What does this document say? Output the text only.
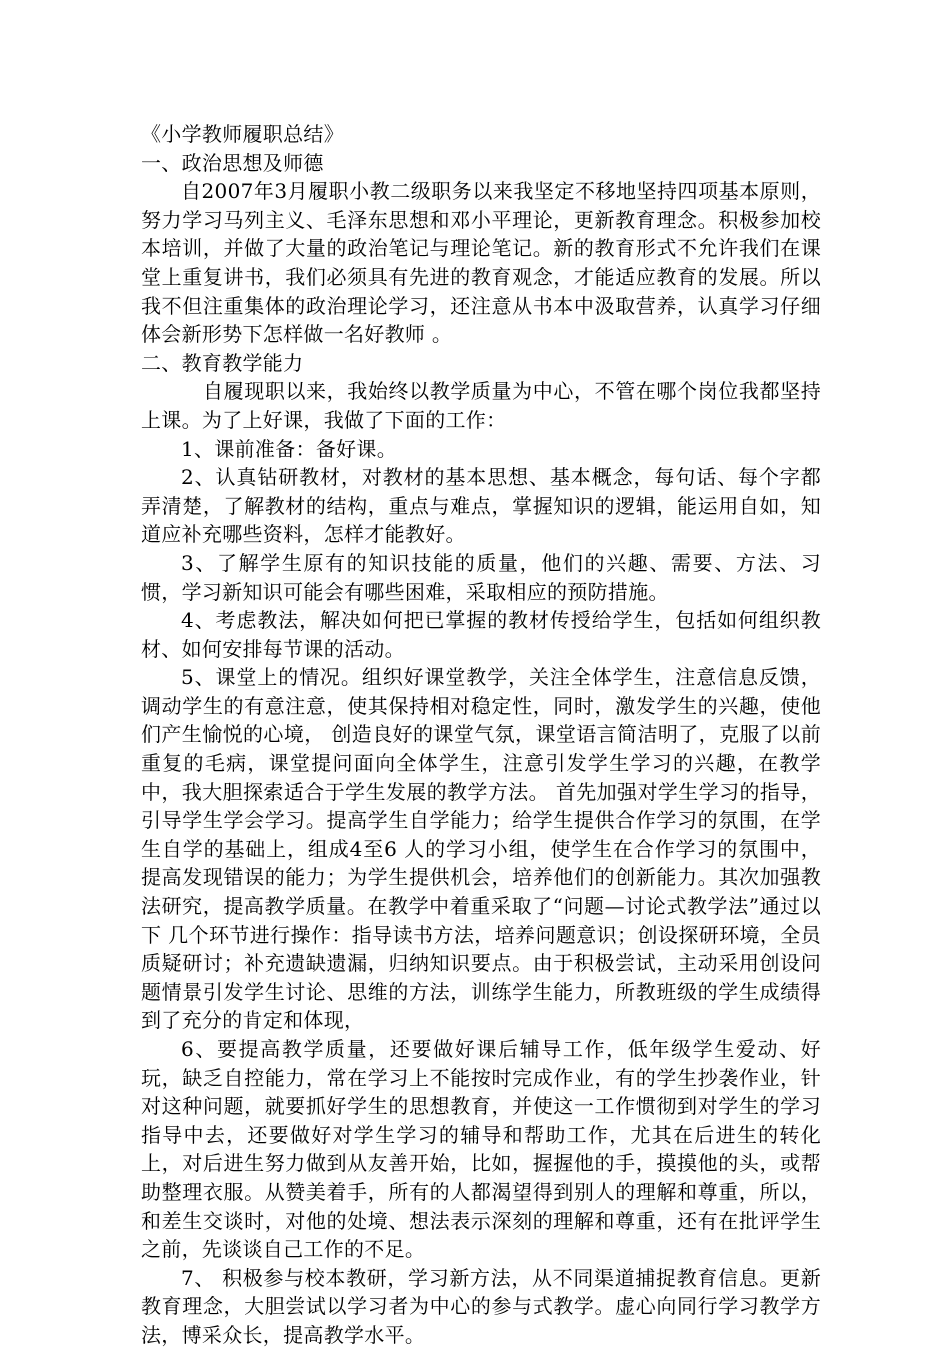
《小学教师履职总结》

一、政治思想及师德

自2007年3月履职小教二级职务以来我坚定不移地坚持四项基本原则，努力学习马列主义、毛泽东思想和邓小平理论，更新教育理念。积极参加校本培训，并做了大量的政治笔记与理论笔记。新的教育形式不允许我们在课堂上重复讲书，我们必须具有先进的教育观念，才能适应教育的发展。所以我不但注重集体的政治理论学习，还注意从书本中汲取营养，认真学习仔细体会新形势下怎样做一名好教师 。

二、教育教学能力

自履现职以来，我始终以教学质量为中心，不管在哪个岗位我都坚持上课。为了上好课，我做了下面的工作：

1、课前准备：备好课。

2、认真钻研教材，对教材的基本思想、基本概念，每句话、每个字都弄清楚，了解教材的结构，重点与难点，掌握知识的逻辑，能运用自如，知道应补充哪些资料，怎样才能教好。

3、了解学生原有的知识技能的质量，他们的兴趣、需要、方法、习惯，学习新知识可能会有哪些困难，采取相应的预防措施。

4、考虑教法，解决如何把已掌握的教材传授给学生，包括如何组织教材、如何安排每节课的活动。

5、课堂上的情况。组织好课堂教学，关注全体学生，注意信息反馈，调动学生的有意注意，使其保持相对稳定性，同时，激发学生的兴趣，使他们产生愉悦的心境， 创造良好的课堂气氛，课堂语言简洁明了，克服了以前重复的毛病，课堂提问面向全体学生，注意引发学生学习的兴趣，在教学中，我大胆探索适合于学生发展的教学方法。 首先加强对学生学习的指导，引导学生学会学习。提高学生自学能力；给学生提供合作学习的氛围，在学生自学的基础上，组成4至6 人的学习小组，使学生在合作学习的氛围中，提高发现错误的能力；为学生提供机会，培养他们的创新能力。其次加强教法研究，提高教学质量。在教学中着重采取了“问题—讨论式教学法”通过以下 几个环节进行操作：指导读书方法，培养问题意识；创设探研环境，全员质疑研讨；补充遗缺遗漏，归纳知识要点。由于积极尝试，主动采用创设问题情景引发学生讨论、思维的方法，训练学生能力，所教班级的学生成绩得到了充分的肯定和体现，

6、要提高教学质量，还要做好课后辅导工作，低年级学生爱动、好玩，缺乏自控能力，常在学习上不能按时完成作业，有的学生抄袭作业，针对这种问题，就要抓好学生的思想教育，并使这一工作惯彻到对学生的学习指导中去，还要做好对学生学习的辅导和帮助工作，尤其在后进生的转化上，对后进生努力做到从友善开始，比如，握握他的手，摸摸他的头，或帮助整理衣服。从赞美着手，所有的人都渴望得到别人的理解和尊重，所以，和差生交谈时，对他的处境、想法表示深刻的理解和尊重，还有在批评学生之前，先谈谈自己工作的不足。

7、 积极参与校本教研，学习新方法，从不同渠道捕捉教育信息。更新教育理念，大胆尝试以学习者为中心的参与式教学。虚心向同行学习教学方法，博采众长，提高教学水平。
